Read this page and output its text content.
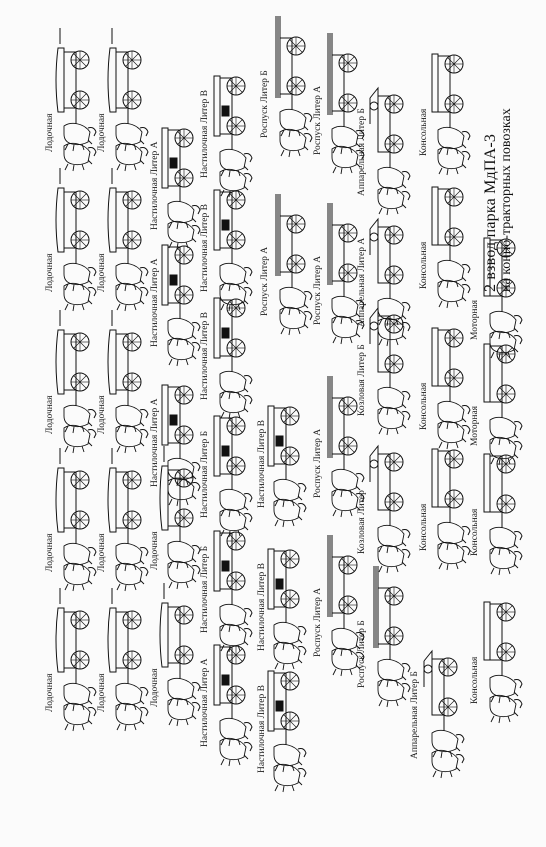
2 взвод парка МдПА-3 на конно-тракторных повозках
Лодочная
Лодочная
Лодочная
Лодочная
Лодочная
Лодочная
Лодочная
Лодочная
Лодочная
Лодочная
Настилочная Литер А
Настилочная Литер А
Настилочная Литер А
Лодочная
Лодочная
Настилочная Литер В
Настилочная Литер В
Настилочная Литер В
Настилочная Литер Б
Настилочная Литер Б
Настилочная Литер А
Настилочная Литер В
Настилочная Литер В
Настилочная Литер В
Роспуск Литер Б
Роспуск Литер А
Роспуск Литер А
Роспуск Литер А
Роспуск Литер А
Роспуск Литер А
Аппарельная Литер Б
Аппарельная Литер А
Козловая Литер Б
Козловая Литер
Роспуск Литер Б
Аппарельная Литер Б
Консольная
Консольная
Консольная
Консольная	Консольная
Консольная
Моторная
Моторная
